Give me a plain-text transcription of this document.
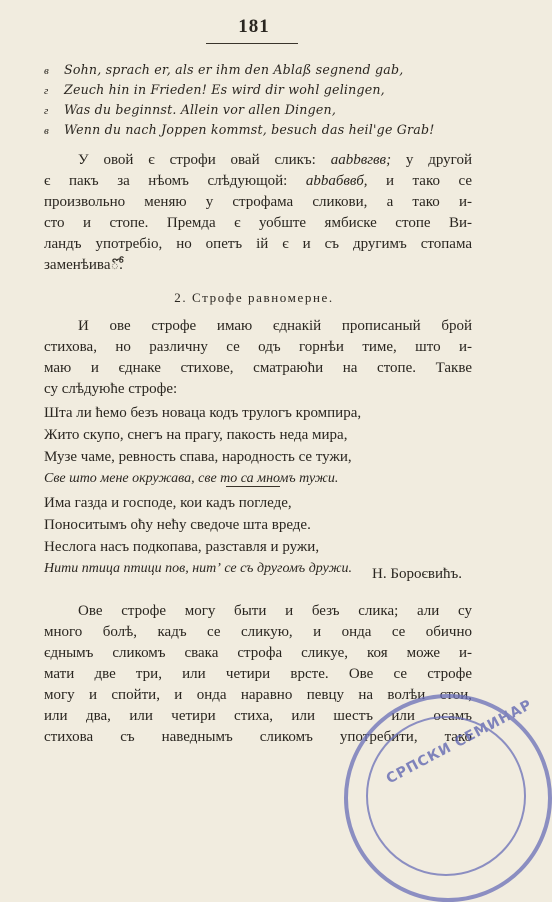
181
в Sohn, sprach er, als er ihm den Ablaß segnend gab,
г Zeuch hin in Frieden! Es wird dir wohl gelingen,
г Was du beginnst. Allein vor allen Dingen,
в Wenn du nach Joppen kommst, besuch das heil'ge Grab!
У овой є строфи овай сликъ: аabbвгвв; у другой
є пакъ за нѣомъ слѣдующой: аbbабввб, и тако се
произвольно меняю у строфама сликови, а тако и-
сто и стопе. Премда є уобште ямбиске стопе Ви-
ландъ употребіо, но опетъ ій є и съ другимъ стопама
заменѣиваో.
2. Строфе равномерне.
И ове строфе имаю єднакій прописаный брой
стихова, но различну се одъ горнѣи тиме, што и-
маю и єднаке стихове, сматраюћи на стопе. Такве
су слѣдуюће строфе:
Шта ли ћемо безъ новаца кодъ трулогъ кромпира,
Жито скупо, снегъ на прагу, пакость неда мира,
Музе чаме, ревность спава, народность се тужи,
Све што мене окружава, све то са мномъ тужи.
Има газда и господе, кои кадъ погледе,
Поноситымъ оћу нећу сведоче шта вреде.
Неслога насъ подкопава, разставля и ружи,
Нити птица птици пов, нитʼ се съ другомъ дружи.	Н. Бороєвићъ.
Ове строфе могу быти и безъ слика; али су
много болѣ, кадъ се сликую, и онда се обично
єднымъ сликомъ свака строфа сликуе, коя може и-
мати две три, или четири врсте. Ове се строфе
могу и спойти, и онда наравно певцу на волѣи стои,
или два, или четири стиха, или шестъ или осамъ
стихова съ наведнымъ сликомъ употребити, тако
СРПСКИ СЕМИНАР
